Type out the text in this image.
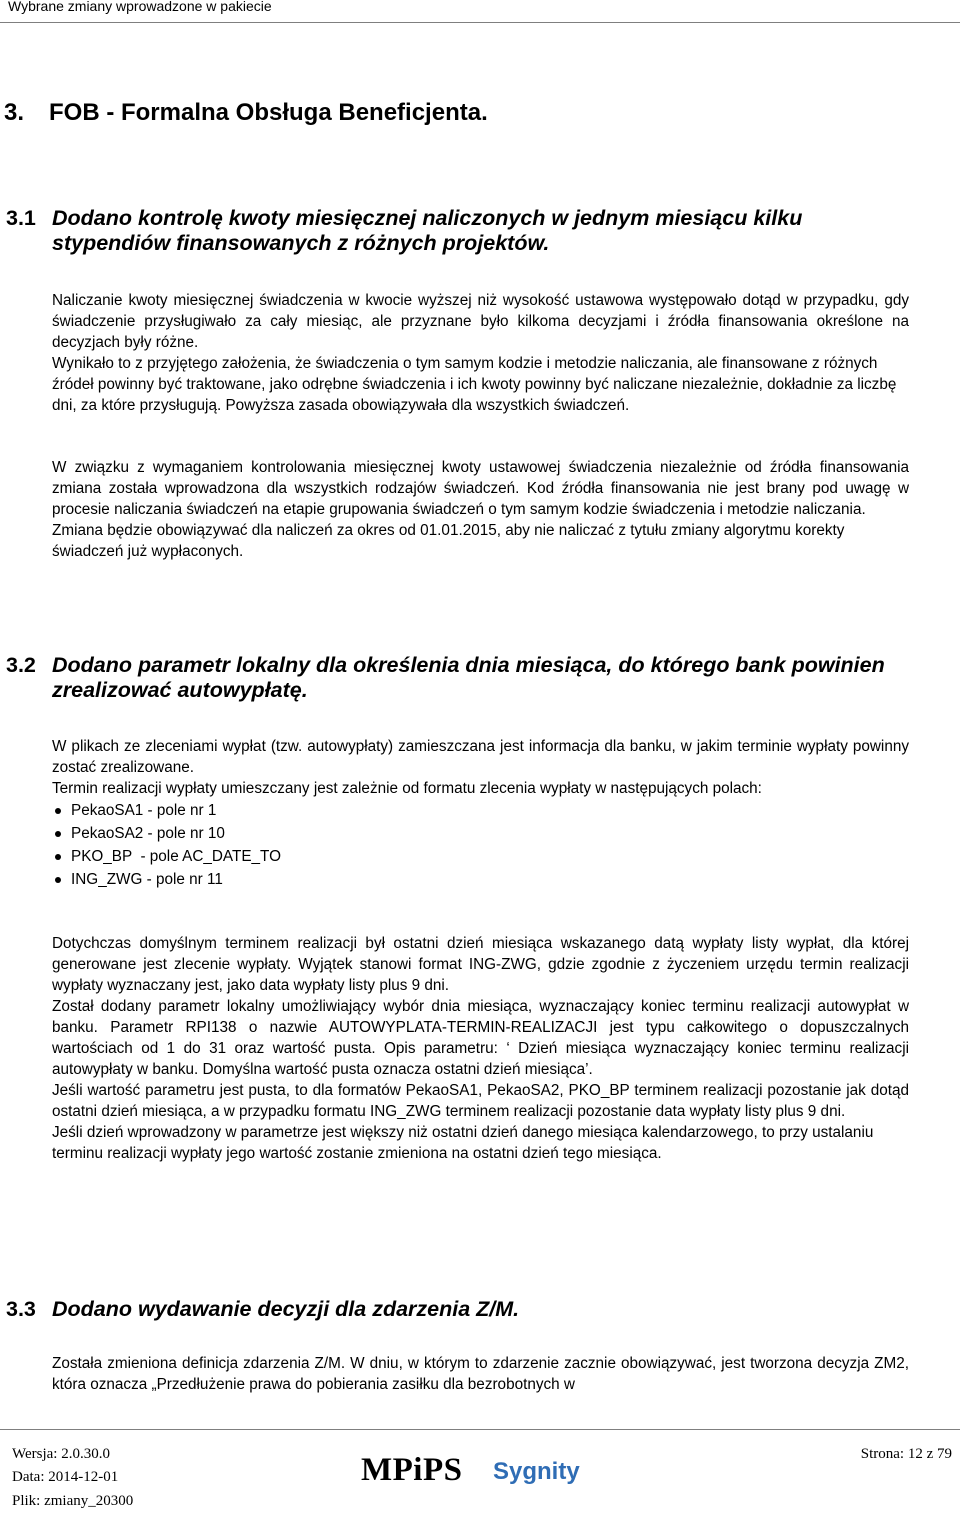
Wybrane zmiany wprowadzone w pakiecie
3. FOB - Formalna Obsługa Beneficjenta.
3.1 Dodano kontrolę kwoty miesięcznej naliczonych w jednym miesiącu kilku stypendiów finansowanych z różnych projektów.

Naliczanie kwoty miesięcznej świadczenia w kwocie wyższej niż wysokość ustawowa występowało dotąd w przypadku, gdy świadczenie przysługiwało za cały miesiąc, ale przyznane było kilkoma decyzjami i źródła finansowania określone na decyzjach były różne.

Wynikało to z przyjętego założenia, że świadczenia o tym samym kodzie i metodzie naliczania, ale finansowane z różnych źródeł powinny być traktowane, jako odrębne świadczenia i ich kwoty powinny być naliczane niezależnie, dokładnie za liczbę dni, za które przysługują. Powyższa zasada obowiązywała dla wszystkich świadczeń.

W związku z wymaganiem kontrolowania miesięcznej kwoty ustawowej świadczenia niezależnie od źródła finansowania zmiana została wprowadzona dla wszystkich rodzajów świadczeń. Kod źródła finansowania nie jest brany pod uwagę w procesie naliczania świadczeń na etapie grupowania świadczeń o tym samym kodzie świadczenia i metodzie naliczania.

Zmiana będzie obowiązywać dla naliczeń za okres od 01.01.2015, aby nie naliczać z tytułu zmiany algorytmu korekty świadczeń już wypłaconych.

3.2 Dodano parametr lokalny dla określenia dnia miesiąca, do którego bank powinien zrealizować autowypłatę.

W plikach ze zleceniami wypłat (tzw. autowypłaty) zamieszczana jest informacja dla banku, w jakim terminie wypłaty powinny zostać zrealizowane.

Termin realizacji wypłaty umieszczany jest zależnie od formatu zlecenia wypłaty w następujących polach:

PekaoSA1 - pole nr 1
PekaoSA2 - pole nr 10
PKO_BP  - pole AC_DATE_TO
ING_ZWG - pole nr 11

Dotychczas domyślnym terminem realizacji był ostatni dzień miesiąca wskazanego datą wypłaty listy wypłat, dla której generowane jest zlecenie wypłaty. Wyjątek stanowi format ING-ZWG, gdzie zgodnie z życzeniem urzędu termin realizacji wypłaty wyznaczany jest, jako data wypłaty listy plus 9 dni.

Został dodany parametr lokalny umożliwiający wybór dnia miesiąca, wyznaczający koniec terminu realizacji autowypłat w banku. Parametr RPI138 o nazwie AUTOWYPLATA-TERMIN-REALIZACJI jest typu całkowitego o dopuszczalnych wartościach od 1 do 31 oraz wartość pusta. Opis parametru: ‘ Dzień miesiąca wyznaczający koniec terminu realizacji autowypłaty w banku. Domyślna wartość pusta oznacza ostatni dzień miesiąca’.

Jeśli wartość parametru jest pusta, to dla formatów PekaoSA1, PekaoSA2, PKO_BP terminem realizacji pozostanie jak dotąd ostatni dzień miesiąca, a w przypadku formatu ING_ZWG terminem realizacji pozostanie data wypłaty listy plus 9 dni.

Jeśli dzień wprowadzony w parametrze jest większy niż ostatni dzień danego miesiąca kalendarzowego, to przy ustalaniu terminu realizacji wypłaty jego wartość zostanie zmieniona na ostatni dzień tego miesiąca.

3.3 Dodano wydawanie decyzji dla zdarzenia Z/M.

Została zmieniona definicja zdarzenia Z/M. W dniu, w którym to zdarzenie zacznie obowiązywać, jest tworzona decyzja ZM2, która oznacza „Przedłużenie prawa do pobierania zasiłku dla bezrobotnych w

Wersja: 2.0.30.0
Data: 2014-12-01
Plik: zmiany_20300
MPiPS Sygnity
Strona: 12 z 79
